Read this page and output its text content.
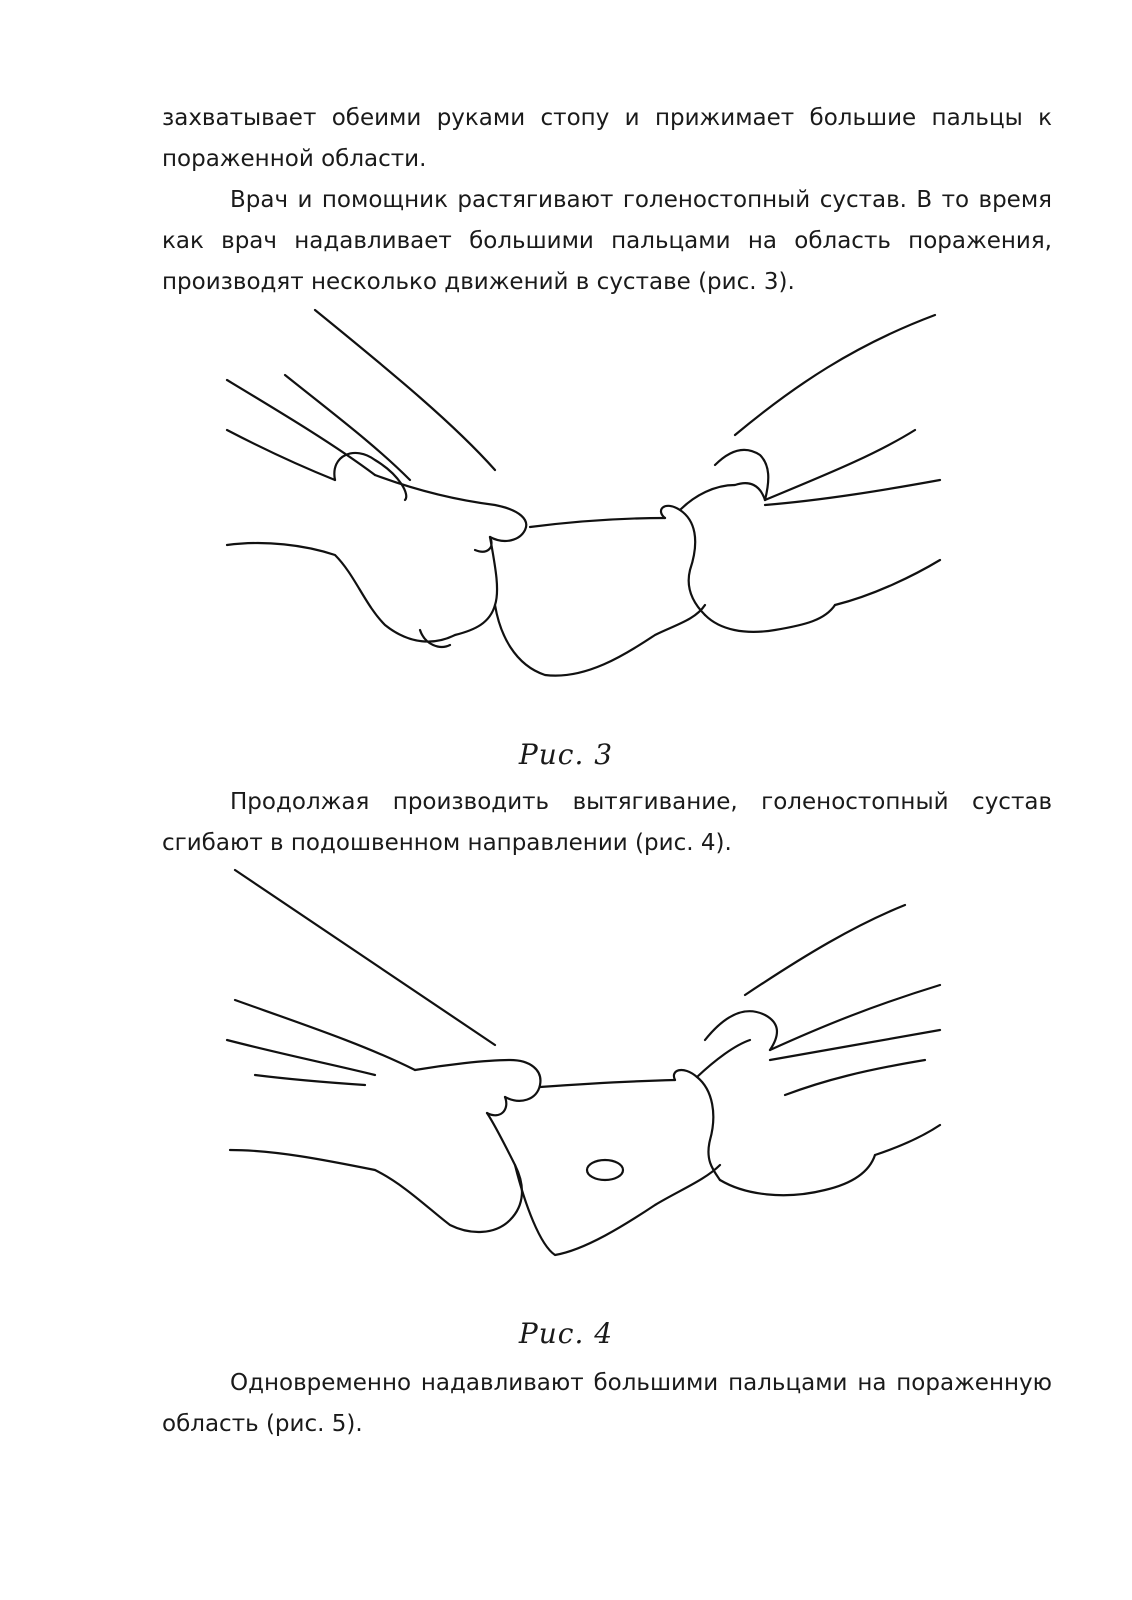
захватывает обеими руками стопу и прижимает большие пальцы к пораженной области.

Врач и помощник растягивают голеностопный сустав. В то время как врач надавливает большими пальцами на область поражения, производят несколько движений в суставе (рис. 3).

Рис. 3

Продолжая производить вытягивание, голеностопный сустав сгибают в подошвенном направлении (рис. 4).

Рис. 4

Одновременно надавливают большими пальцами на пораженную область (рис. 5).
